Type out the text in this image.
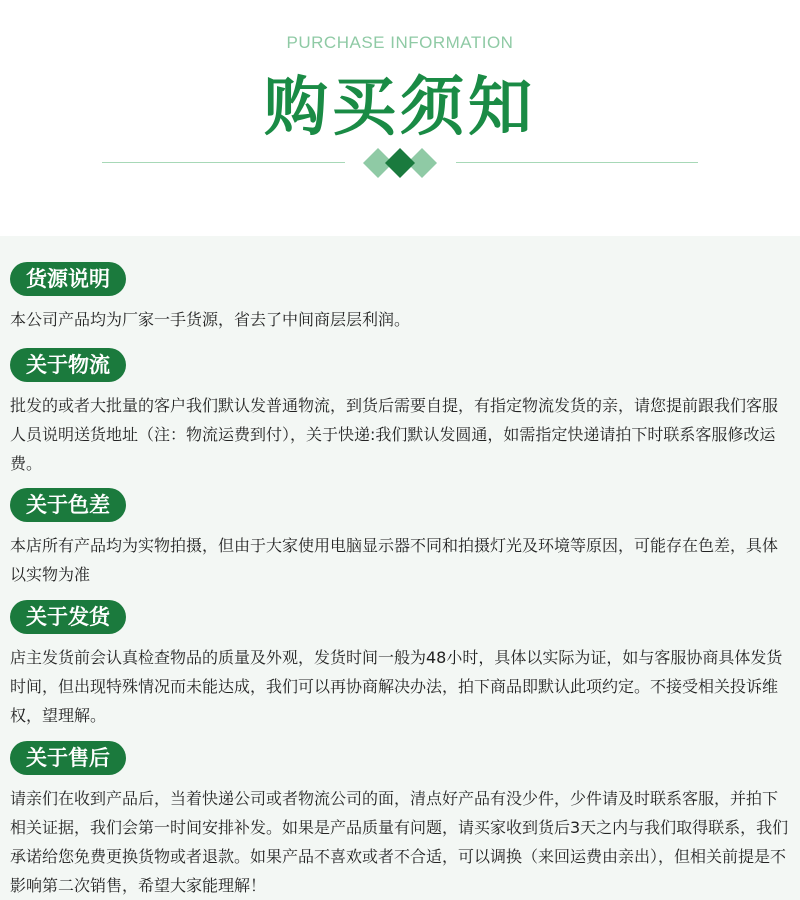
PURCHASE INFORMATION
购买须知
货源说明

本公司产品均为厂家一手货源，省去了中间商层层利润。

关于物流

批发的或者大批量的客户我们默认发普通物流，到货后需要自提，有指定物流发货的亲，请您提前跟我们客服人员说明送货地址（注：物流运费到付），关于快递:我们默认发圆通，如需指定快递请拍下时联系客服修改运费。

关于色差

本店所有产品均为实物拍摄，但由于大家使用电脑显示器不同和拍摄灯光及环境等原因，可能存在色差，具体以实物为准

关于发货

店主发货前会认真检查物品的质量及外观，发货时间一般为48小时，具体以实际为证，如与客服协商具体发货时间，但出现特殊情况而未能达成，我们可以再协商解决办法，拍下商品即默认此项约定。不接受相关投诉维权，望理解。

关于售后

请亲们在收到产品后，当着快递公司或者物流公司的面，清点好产品有没少件，少件请及时联系客服，并拍下相关证据，我们会第一时间安排补发。如果是产品质量有问题，请买家收到货后3天之内与我们取得联系，我们承诺给您免费更换货物或者退款。如果产品不喜欢或者不合适，可以调换（来回运费由亲出），但相关前提是不影响第二次销售，希望大家能理解！
